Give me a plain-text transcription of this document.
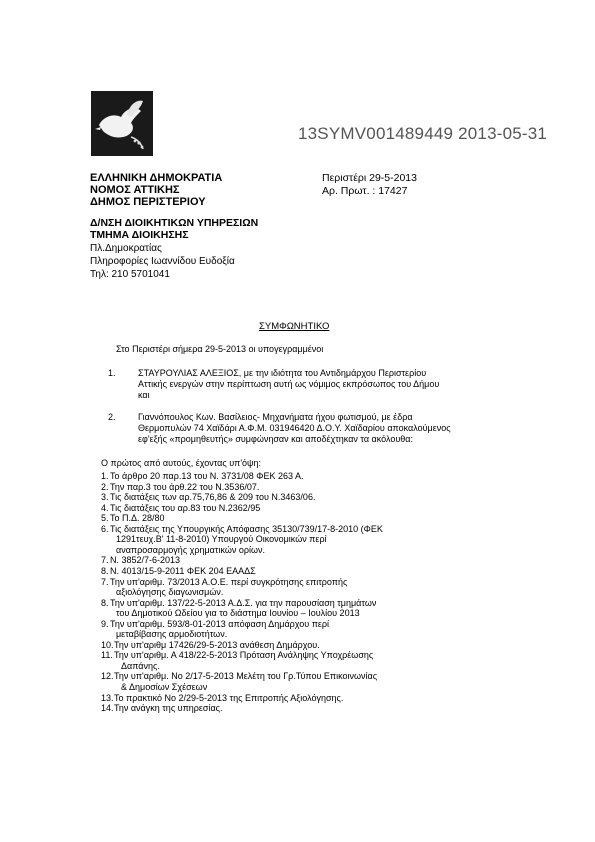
13SYMV001489449 2013-05-31
ΕΛΛΗΝΙΚΗ ΔΗΜΟΚΡΑΤΙΑ
ΝΟΜΟΣ ΑΤΤΙΚΗΣ
ΔΗΜΟΣ ΠΕΡΙΣΤΕΡΙΟΥ
Περιστέρι 29-5-2013
Αρ. Πρωτ. : 17427
Δ/ΝΣΗ ΔΙΟΙΚΗΤΙΚΩΝ ΥΠΗΡΕΣΙΩΝ
ΤΜΗΜΑ ΔΙΟΙΚΗΣΗΣ
Πλ.Δημοκρατίας
Πληροφορίες Ιωαννίδου Ευδοξία
Τηλ: 210 5701041
ΣΥΜΦΩΝΗΤΙΚΟ
Στο Περιστέρι σήμερα 29-5-2013 οι υπογεγραμμένοι
1. ΣΤΑΥΡΟΥΛΙΑΣ ΑΛΕΞΙΟΣ, με την ιδιότητα του Αντιδημάρχου Περιστερίου
Αττικής ενεργών στην περίπτωση αυτή ως νόμιμος εκπρόσωπος του Δήμου
και
2. Γιαννόπουλος Κων. Βασίλειος- Μηχανήματα ήχου φωτισμού, με έδρα
Θερμοπυλών 74 Χαϊδάρι Α.Φ.Μ. 031946420 Δ.Ο.Υ. Χαϊδαρίου αποκαλούμενος
εφ'εξής «προμηθευτής» συμφώνησαν και αποδέχτηκαν τα ακόλουθα:
Ο πρώτος από αυτούς, έχοντας υπ'όψη:
1. Το άρθρο 20 παρ.13 του Ν. 3731/08 ΦΕΚ 263 Α.
2. Την παρ.3 του άρθ.22 του Ν.3536/07.
3. Τις διατάξεις των αρ.75,76,86 & 209 του Ν.3463/06.
4. Τις διατάξεις του αρ.83 του Ν.2362/95
5. Το Π.Δ. 28/80
6. Τις διατάξεις της Υπουργικής Απόφασης 35130/739/17-8-2010 (ΦΕΚ
1291τευχ.Β' 11-8-2010) Υπουργού Οικονομικών περί
αναπροσαρμογής χρηματικών ορίων.
7. Ν. 3852/7-6-2013
8. Ν. 4013/15-9-2011 ΦΕΚ 204 ΕΑΑΔΣ
7. Την υπ'αριθμ. 73/2013 Α.Ο.Ε. περί συγκρότησης επιτροπής
αξιολόγησης διαγωνισμών.
8. Την υπ'αριθμ. 137/22-5-2013 Α.Δ.Σ. για την παρουσίαση τμημάτων
του Δημοτικού Ωδείου για το διάστημα Ιουνίου – Ιουλίου 2013
9. Την υπ'αριθμ. 593/8-01-2013 απόφαση Δημάρχου περί
μεταβίβασης αρμοδιοτήτων.
10. Την υπ'αριθμ 17426/29-5-2013 ανάθεση Δημάρχου.
11. Την υπ'αριθμ. Α 418/22-5-2013 Πρόταση Ανάληψης Υποχρέωσης
Δαπάνης.
12. Την υπ'αριθμ. Νο 2/17-5-2013 Μελέτη του Γρ.Τύπου Επικοινωνίας
& Δημοσίων Σχέσεων
13. Το πρακτικό Νο 2/29-5-2013 της Επιτροπής Αξιολόγησης.
14. Την ανάγκη της υπηρεσίας.
